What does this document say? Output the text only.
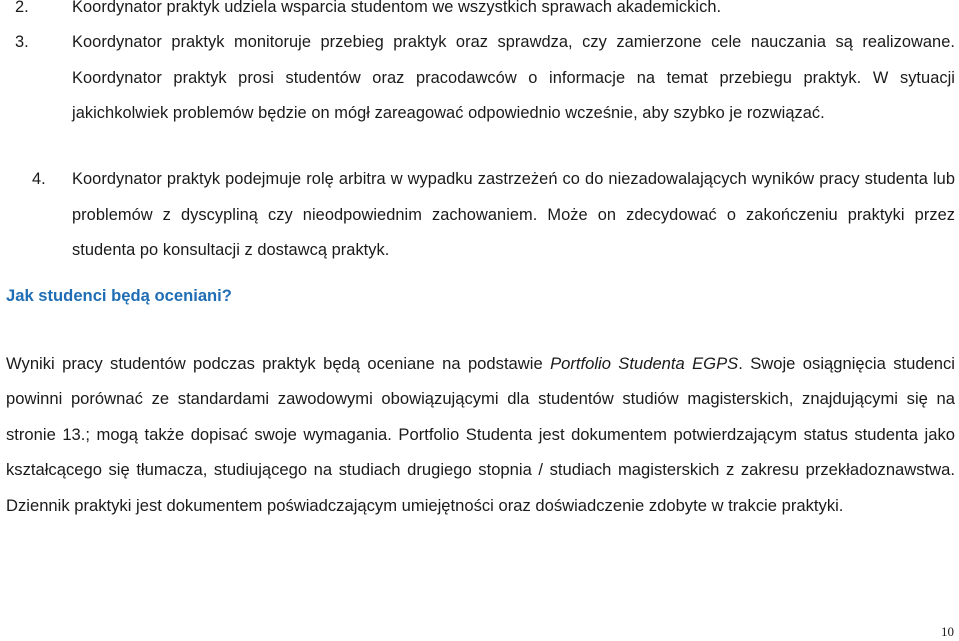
2.	Koordynator praktyk udziela wsparcia studentom we wszystkich sprawach akademickich.
3.	Koordynator praktyk monitoruje przebieg praktyk oraz sprawdza, czy zamierzone cele nauczania są realizowane. Koordynator praktyk prosi studentów oraz pracodawców o informacje na temat przebiegu praktyk. W sytuacji jakichkolwiek problemów będzie on mógł zareagować odpowiednio wcześnie, aby szybko je rozwiązać.
4.	Koordynator praktyk podejmuje rolę arbitra w wypadku zastrzeżeń co do niezadowalających wyników pracy studenta lub problemów z dyscypliną czy nieodpowiednim zachowaniem. Może on zdecydować o zakończeniu praktyki przez studenta po konsultacji z dostawcą praktyk.
Jak studenci będą oceniani?

Wyniki pracy studentów podczas praktyk będą oceniane na podstawie Portfolio Studenta EGPS. Swoje osiągnięcia studenci powinni porównać ze standardami zawodowymi obowiązującymi dla studentów studiów magisterskich, znajdującymi się na stronie 13.; mogą także dopisać swoje wymagania. Portfolio Studenta jest dokumentem potwierdzającym status studenta jako kształcącego się tłumacza, studiującego na studiach drugiego stopnia / studiach magisterskich z zakresu przekładoznawstwa. Dziennik praktyki jest dokumentem poświadczającym umiejętności oraz doświadczenie zdobyte w trakcie praktyki.

10
